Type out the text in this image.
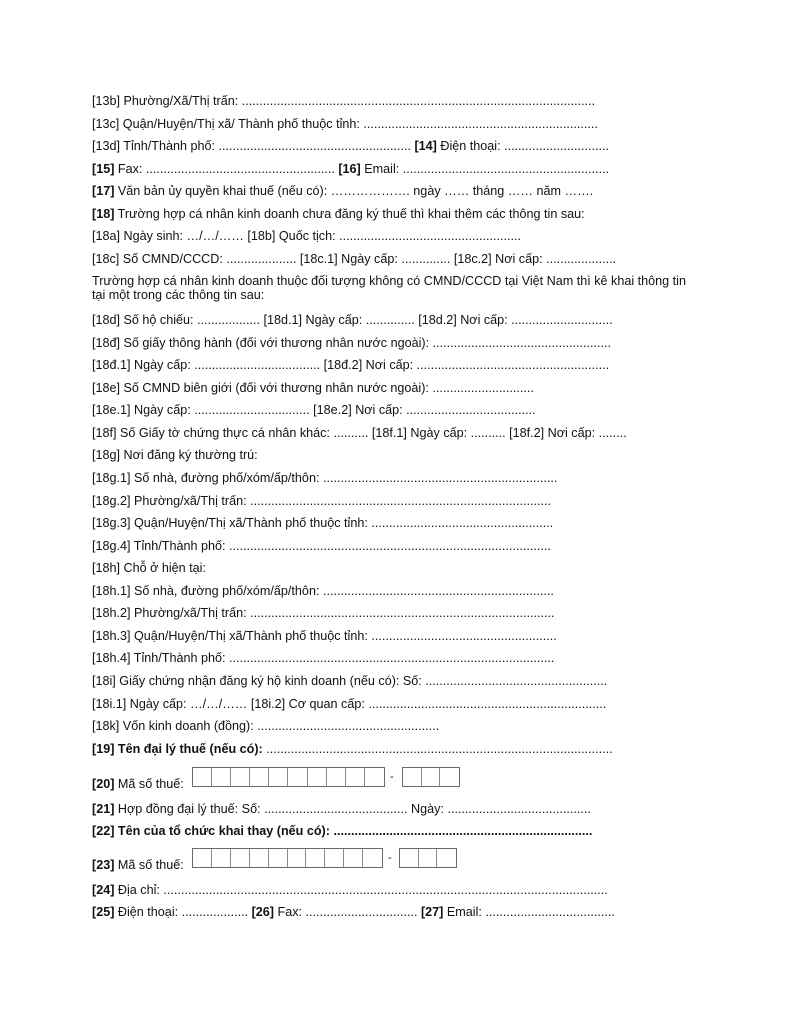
[13b] Phường/Xã/Thị trấn: .....................................................................................................
[13c] Quận/Huyện/Thị xã/ Thành phố thuộc tỉnh: ...................................................................
[13d] Tỉnh/Thành phố: ....................................................... [14] Điện thoại: ..............................
[15] Fax: ...................................................... [16] Email: ...........................................................
[17] Văn bản ủy quyền khai thuế (nếu có): ………………. ngày …… tháng …… năm …….
[18] Trường hợp cá nhân kinh doanh chưa đăng ký thuế thì khai thêm các thông tin sau:
[18a] Ngày sinh: …/…/…… [18b] Quốc tịch: ....................................................
[18c] Số CMND/CCCD: .................... [18c.1] Ngày cấp: .............. [18c.2] Nơi cấp: ....................
Trường hợp cá nhân kinh doanh thuộc đối tượng không có CMND/CCCD tại Việt Nam thì kê khai thông tin tại một trong các thông tin sau:
[18d] Số hộ chiếu: .................. [18d.1] Ngày cấp: .............. [18d.2] Nơi cấp: .............................
[18đ] Số giấy thông hành (đối với thương nhân nước ngoài): ...................................................
[18đ.1] Ngày cấp: .................................... [18đ.2] Nơi cấp: .......................................................
[18e] Số CMND biên giới (đối với thương nhân nước ngoài): .............................
[18e.1] Ngày cấp: ................................. [18e.2] Nơi cấp: .....................................
[18f] Số Giấy tờ chứng thực cá nhân khác: .......... [18f.1] Ngày cấp: .......... [18f.2] Nơi cấp: ........
[18g] Nơi đăng ký thường trú:
[18g.1] Số nhà, đường phố/xóm/ấp/thôn: ...................................................................
[18g.2] Phường/xã/Thị trấn: ......................................................................................
[18g.3] Quận/Huyện/Thị xã/Thành phố thuộc tỉnh: ....................................................
[18g.4] Tỉnh/Thành phố: ............................................................................................
[18h] Chỗ ở hiện tại:
[18h.1] Số nhà, đường phố/xóm/ấp/thôn: ..................................................................
[18h.2] Phường/xã/Thị trấn: .......................................................................................
[18h.3] Quận/Huyện/Thị xã/Thành phố thuộc tỉnh: .....................................................
[18h.4] Tỉnh/Thành phố: .............................................................................................
[18i] Giấy chứng nhận đăng ký hộ kinh doanh (nếu có): Số: ....................................................
[18i.1] Ngày cấp: …/…/…… [18i.2] Cơ quan cấp: ....................................................................
[18k] Vốn kinh doanh (đồng): ....................................................
[19] Tên đại lý thuế (nếu có): ...................................................................................................
[20] Mã số thuế:	-
[21] Hợp đồng đại lý thuế: Số: ......................................... Ngày: .........................................
[22] Tên của tổ chức khai thay (nếu có): ..........................................................................
[23] Mã số thuế:	-
[24] Địa chỉ: ...............................................................................................................................
[25] Điện thoại: ................... [26] Fax: ................................ [27] Email: .....................................
